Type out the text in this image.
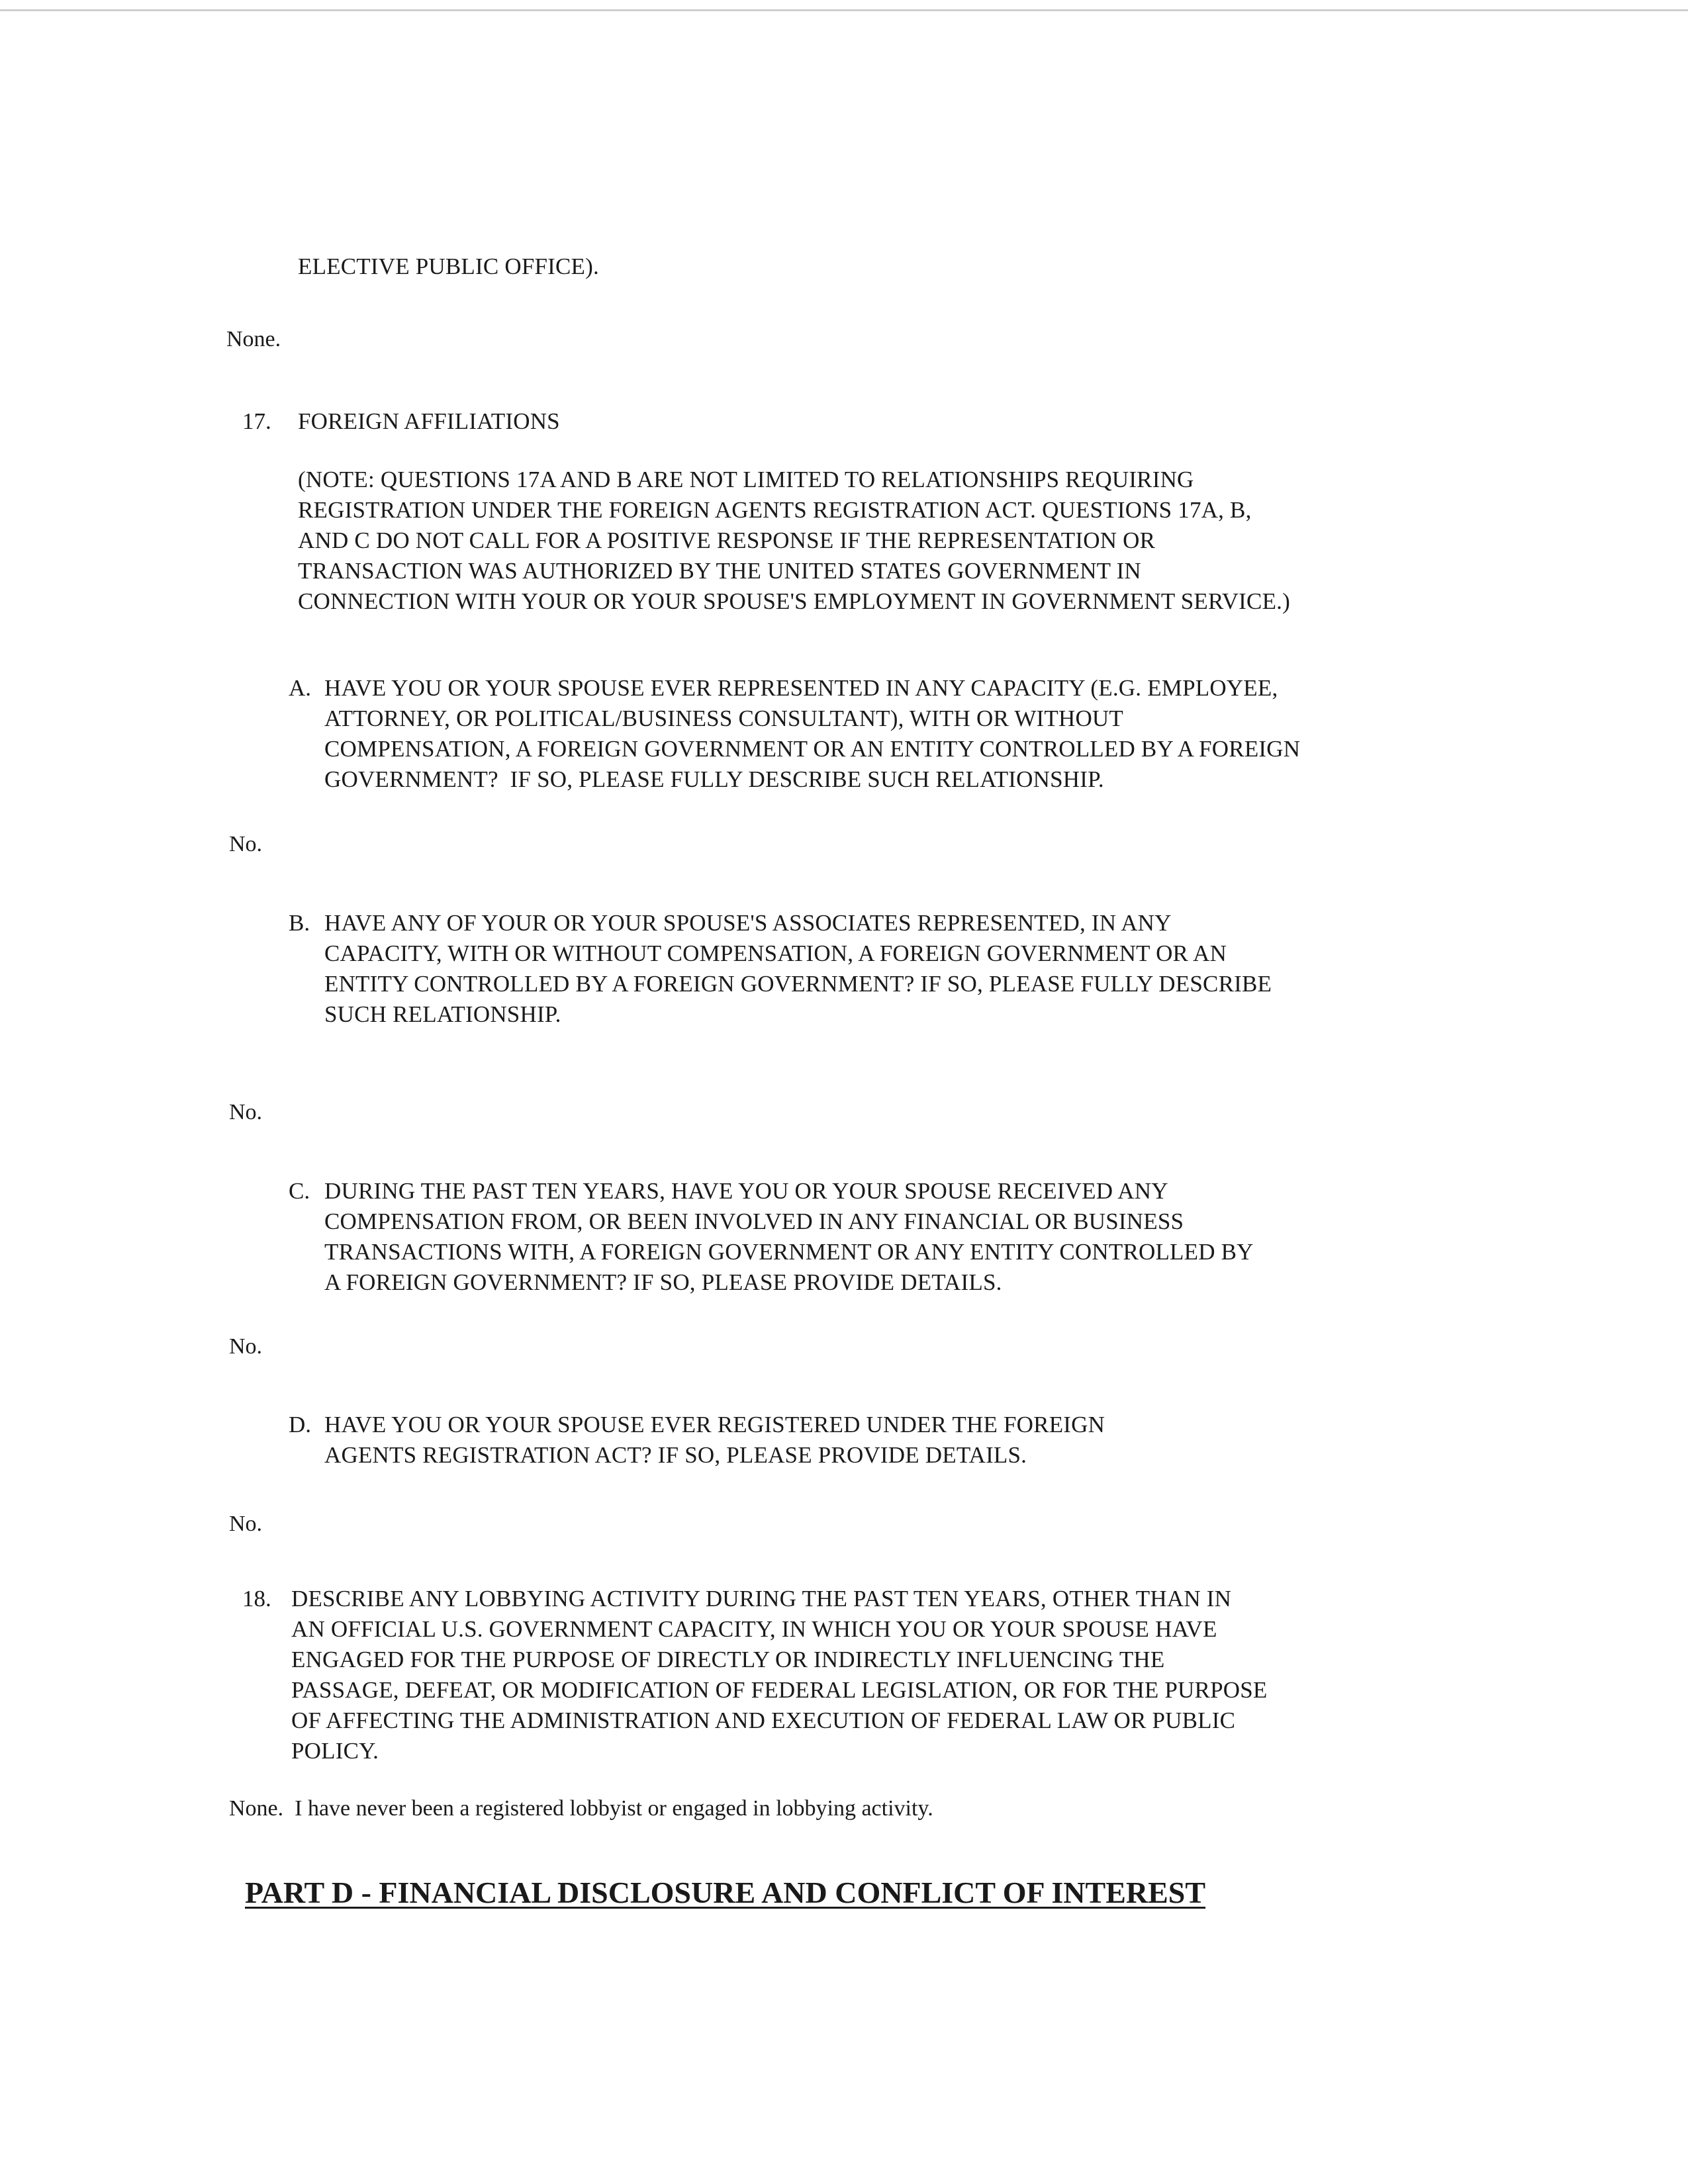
ELECTIVE PUBLIC OFFICE).
None.
17. FOREIGN AFFILIATIONS
(NOTE: QUESTIONS 17A AND B ARE NOT LIMITED TO RELATIONSHIPS REQUIRING
REGISTRATION UNDER THE FOREIGN AGENTS REGISTRATION ACT. QUESTIONS 17A, B,
AND C DO NOT CALL FOR A POSITIVE RESPONSE IF THE REPRESENTATION OR
TRANSACTION WAS AUTHORIZED BY THE UNITED STATES GOVERNMENT IN
CONNECTION WITH YOUR OR YOUR SPOUSE'S EMPLOYMENT IN GOVERNMENT SERVICE.)
A. HAVE YOU OR YOUR SPOUSE EVER REPRESENTED IN ANY CAPACITY (E.G. EMPLOYEE,
ATTORNEY, OR POLITICAL/BUSINESS CONSULTANT), WITH OR WITHOUT
COMPENSATION, A FOREIGN GOVERNMENT OR AN ENTITY CONTROLLED BY A FOREIGN
GOVERNMENT?  IF SO, PLEASE FULLY DESCRIBE SUCH RELATIONSHIP.
No.
B. HAVE ANY OF YOUR OR YOUR SPOUSE'S ASSOCIATES REPRESENTED, IN ANY
CAPACITY, WITH OR WITHOUT COMPENSATION, A FOREIGN GOVERNMENT OR AN
ENTITY CONTROLLED BY A FOREIGN GOVERNMENT? IF SO, PLEASE FULLY DESCRIBE
SUCH RELATIONSHIP.
No.
C. DURING THE PAST TEN YEARS, HAVE YOU OR YOUR SPOUSE RECEIVED ANY
COMPENSATION FROM, OR BEEN INVOLVED IN ANY FINANCIAL OR BUSINESS
TRANSACTIONS WITH, A FOREIGN GOVERNMENT OR ANY ENTITY CONTROLLED BY
A FOREIGN GOVERNMENT? IF SO, PLEASE PROVIDE DETAILS.
No.
D. HAVE YOU OR YOUR SPOUSE EVER REGISTERED UNDER THE FOREIGN
AGENTS REGISTRATION ACT? IF SO, PLEASE PROVIDE DETAILS.
No.
18. DESCRIBE ANY LOBBYING ACTIVITY DURING THE PAST TEN YEARS, OTHER THAN IN
AN OFFICIAL U.S. GOVERNMENT CAPACITY, IN WHICH YOU OR YOUR SPOUSE HAVE
ENGAGED FOR THE PURPOSE OF DIRECTLY OR INDIRECTLY INFLUENCING THE
PASSAGE, DEFEAT, OR MODIFICATION OF FEDERAL LEGISLATION, OR FOR THE PURPOSE
OF AFFECTING THE ADMINISTRATION AND EXECUTION OF FEDERAL LAW OR PUBLIC
POLICY.
None.  I have never been a registered lobbyist or engaged in lobbying activity.
PART D - FINANCIAL DISCLOSURE AND CONFLICT OF INTEREST
